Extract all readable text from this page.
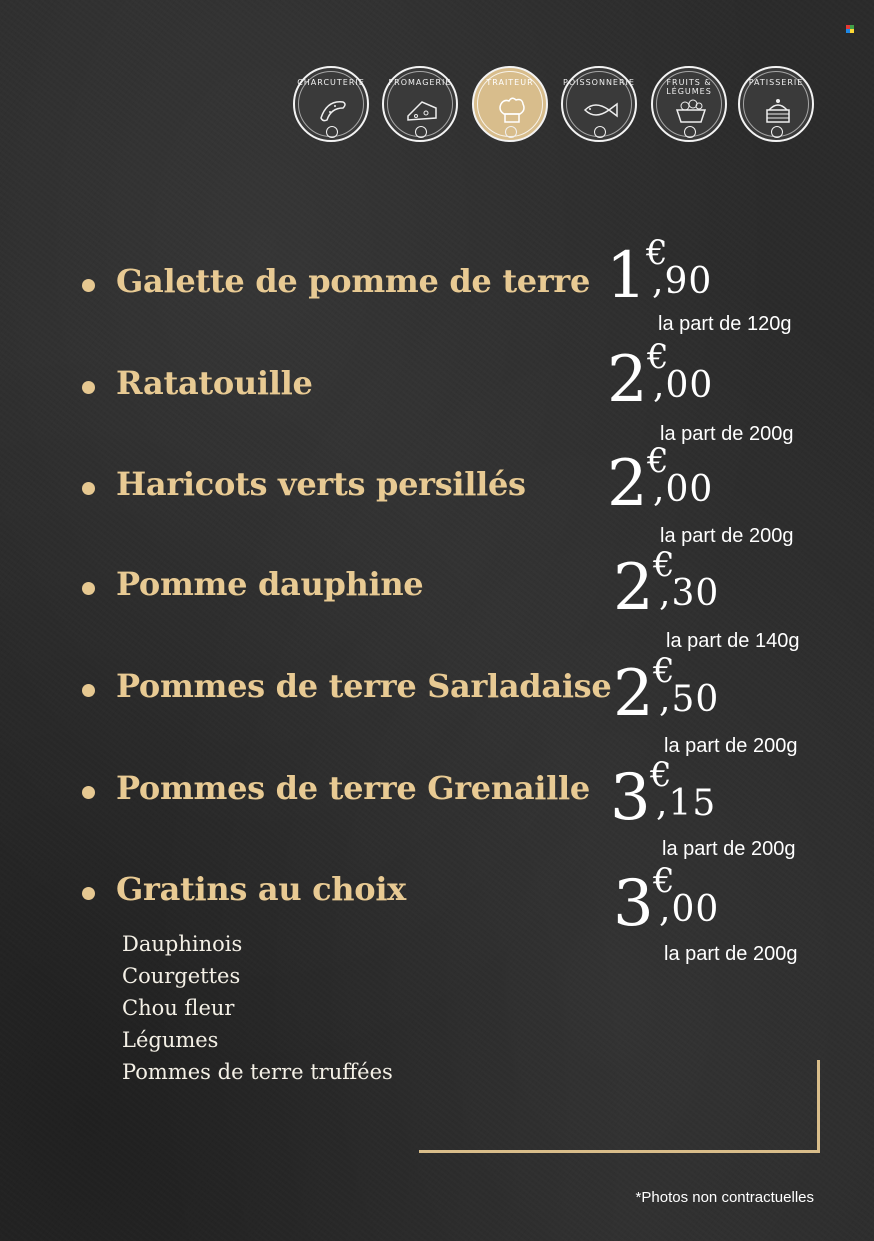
CHARCUTERIE	FROMAGERIE	TRAITEUR	POISSONNERIE	FRUITS & LÉGUMES
PATISSERIE
Galette de pomme de terre 1 €
,90
la part de 120g
Ratatouille	2 €
,00
la part de 200g
Haricots verts persillés 2 €
,00
la part de 200g
Pomme dauphine	2 €
,30
la part de 140g
Pommes de terre Sarladaise 2 €
,50
la part de 200g
Pommes de terre Grenaille 3 €
,15
la part de 200g
Gratins au choix	3 €
,00
la part de 200g
Dauphinois
Courgettes
Chou fleur
Légumes
Pommes de terre truffées
*Photos non contractuelles
